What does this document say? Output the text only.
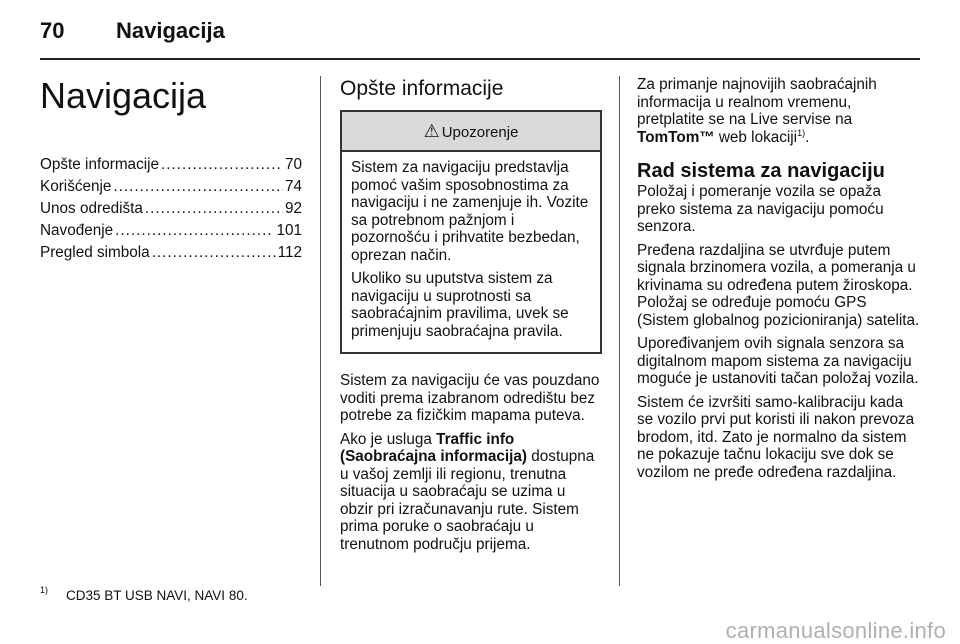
70 Navigacija
Navigacija
Opšte informacije .....	70
Korišćenje .....	74
Unos odredišta .....	92
Navođenje .....	101
Pregled simbola .....	112
Opšte informacije
⚠ Upozorenje

Sistem za navigaciju predstavlja pomoć vašim sposobnostima za navigaciju i ne zamenjuje ih. Vozite sa potrebnom pažnjom i pozornošću i prihvatite bezbedan, oprezan način.

Ukoliko su uputstva sistem za navigaciju u suprotnosti sa saobraćajnim pravilima, uvek se primenjuju saobraćajna pravila.

Sistem za navigaciju će vas pouzdano voditi prema izabranom odredištu bez potrebe za fizičkim mapama puteva.

Ako je usluga Traffic info (Saobraćajna informacija) dostupna u vašoj zemlji ili regionu, trenutna situacija u saobraćaju se uzima u obzir pri izračunavanju rute. Sistem prima poruke o saobraćaju u trenutnom području prijema.

Za primanje najnovijih saobraćajnih informacija u realnom vremenu, pretplatite se na Live servise na TomTom™ web lokaciji$^{1)}$.

Rad sistema za navigaciju

Položaj i pomeranje vozila se opaža preko sistema za navigaciju pomoću senzora.

Pređena razdaljina se utvrđuje putem signala brzinomera vozila, a pomeranja u krivinama su određena putem žiroskopa. Položaj se određuje pomoću GPS (Sistem globalnog pozicioniranja) satelita.

Upoređivanjem ovih signala senzora sa digitalnom mapom sistema za navigaciju moguće je ustanoviti tačan položaj vozila.

Sistem će izvršiti samo-kalibraciju kada se vozilo prvi put koristi ili nakon prevoza brodom, itd. Zato je normalno da sistem ne pokazuje tačnu lokaciju sve dok se vozilom ne pređe određena razdaljina.

1) CD35 BT USB NAVI, NAVI 80.
carmanualsonline.info
